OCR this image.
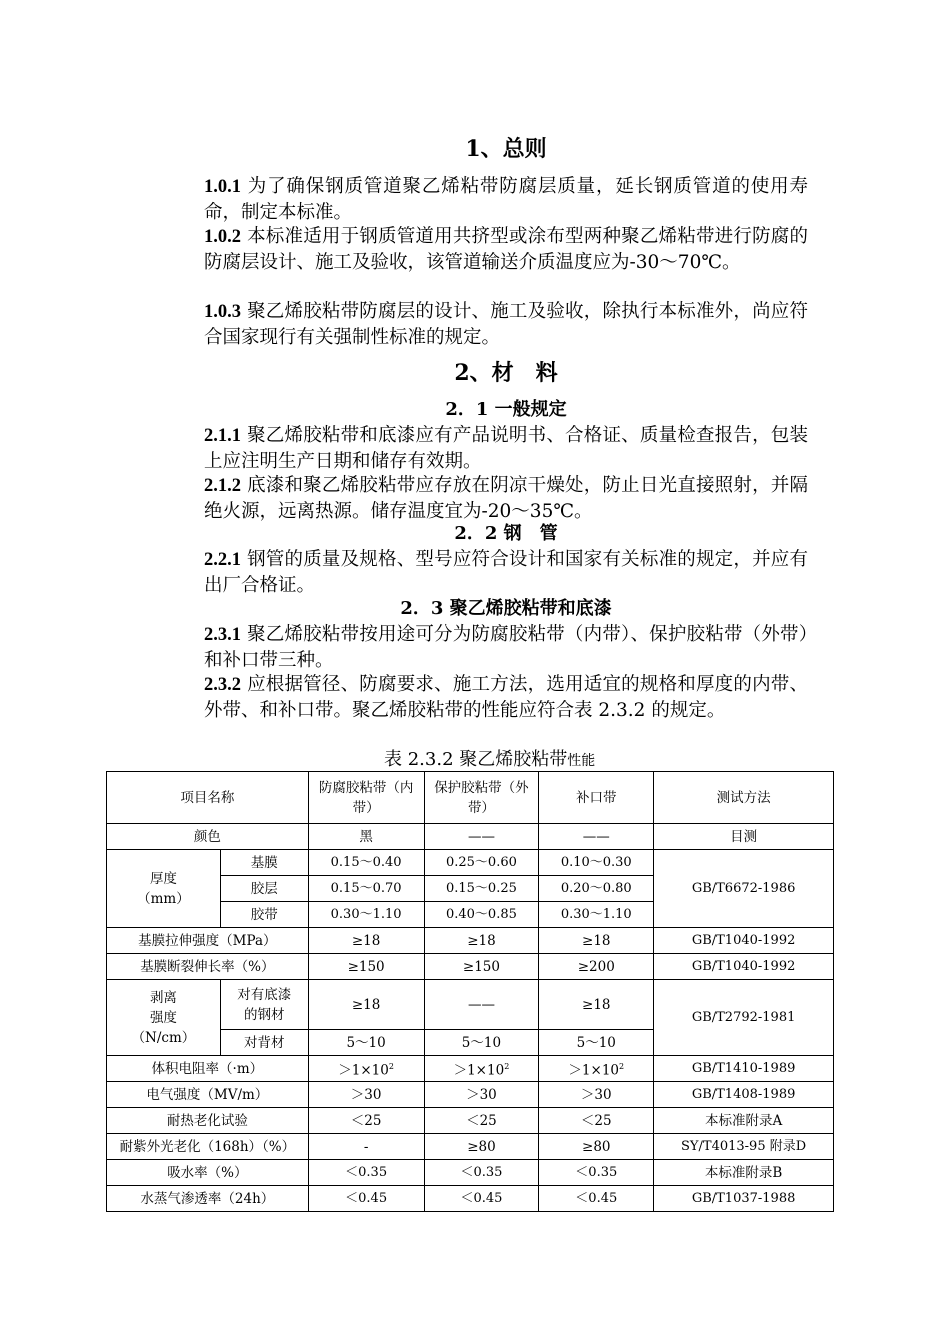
1、总则

1.0.1 为了确保钢质管道聚乙烯粘带防腐层质量，延长钢质管道的使用寿命，制定本标准。

1.0.2 本标准适用于钢质管道用共挤型或涂布型两种聚乙烯粘带进行防腐的防腐层设计、施工及验收，该管道输送介质温度应为-30～70℃。

1.0.3 聚乙烯胶粘带防腐层的设计、施工及验收，除执行本标准外，尚应符合国家现行有关强制性标准的规定。

2、材　料
2．1 一般规定

2.1.1 聚乙烯胶粘带和底漆应有产品说明书、合格证、质量检查报告，包装上应注明生产日期和储存有效期。

2.1.2 底漆和聚乙烯胶粘带应存放在阴凉干燥处，防止日光直接照射，并隔绝火源，远离热源。储存温度宜为-20～35℃。

2．2 钢　管

2.2.1 钢管的质量及规格、型号应符合设计和国家有关标准的规定，并应有出厂合格证。

2．3 聚乙烯胶粘带和底漆

2.3.1 聚乙烯胶粘带按用途可分为防腐胶粘带（内带）、保护胶粘带（外带）和补口带三种。

2.3.2 应根据管径、防腐要求、施工方法，选用适宜的规格和厚度的内带、外带、和补口带。聚乙烯胶粘带的性能应符合表 2.3.2 的规定。

表 2.3.2 聚乙烯胶粘带性能
项目名称		防腐胶粘带（内带）	保护胶粘带（外带）	补口带	测试方法
颜色		黑	——	——	目测
厚度
（mm）	基膜	0.15～0.40	0.25～0.60	0.10～0.30	GB/T6672-1986
	胶层	0.15～0.70	0.15～0.25	0.20～0.80	
	胶带	0.30～1.10	0.40～0.85	0.30～1.10	
基膜拉伸强度（MPa）		≥18	≥18	≥18	GB/T1040-1992
基膜断裂伸长率（%）		≥150	≥150	≥200	GB/T1040-1992
剥离
强度
（N/cm）	对有底漆
的钢材	≥18	——	≥18	GB/T2792-1981
	对背材	5～10	5～10	5～10	
体积电阻率（·m）		$>1\times 10^2$	$>1\times 10^2$	$>1\times 10^2$	GB/T1410-1989
电气强度（MV/m）		＞30	＞30	＞30	GB/T1408-1989
耐热老化试验		＜25	＜25	＜25	本标准附录A
耐紫外光老化（168h）（%）		-	≥80	≥80	SY/T4013-95 附录D
吸水率（%）		＜0.35	＜0.35	＜0.35	本标准附录B
水蒸气渗透率（24h）		＜0.45	＜0.45	＜0.45	GB/T1037-1988
